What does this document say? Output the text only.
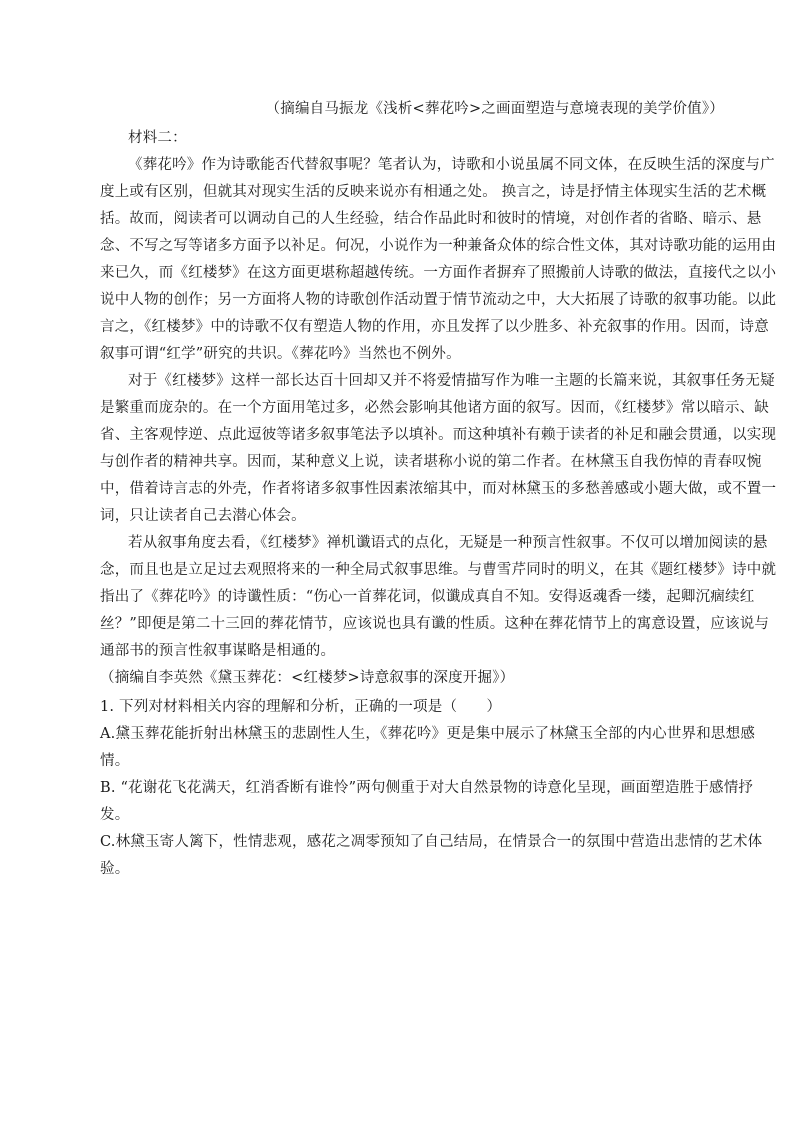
（摘编自马振龙《浅析<葬花吟>之画面塑造与意境表现的美学价值》）

材料二：

《葬花吟》作为诗歌能否代替叙事呢？笔者认为，诗歌和小说虽属不同文体，在反映生活的深度与广

度上或有区别，但就其对现实生活的反映来说亦有相通之处。 换言之，诗是抒情主体现实生活的艺术概

括。故而，阅读者可以调动自己的人生经验，结合作品此时和彼时的情境，对创作者的省略、暗示、悬

念、不写之写等诸多方面予以补足。何况，小说作为一种兼备众体的综合性文体，其对诗歌功能的运用由

来已久，而《红楼梦》在这方面更堪称超越传统。一方面作者摒弃了照搬前人诗歌的做法，直接代之以小

说中人物的创作；另一方面将人物的诗歌创作活动置于情节流动之中，大大拓展了诗歌的叙事功能。以此

言之，《红楼梦》中的诗歌不仅有塑造人物的作用，亦且发挥了以少胜多、补充叙事的作用。因而，诗意

叙事可谓“红学”研究的共识。《葬花吟》当然也不例外。

对于《红楼梦》这样一部长达百十回却又并不将爱情描写作为唯一主题的长篇来说，其叙事任务无疑

是繁重而庞杂的。在一个方面用笔过多，必然会影响其他诸方面的叙写。因而，《红楼梦》常以暗示、缺

省、主客观悖逆、点此逗彼等诸多叙事笔法予以填补。而这种填补有赖于读者的补足和融会贯通，以实现

与创作者的精神共享。因而，某种意义上说，读者堪称小说的第二作者。在林黛玉自我伤悼的青春叹惋

中，借着诗言志的外壳，作者将诸多叙事性因素浓缩其中，而对林黛玉的多愁善感或小题大做，或不置一

词，只让读者自己去潜心体会。

若从叙事角度去看，《红楼梦》禅机谶语式的点化，无疑是一种预言性叙事。不仅可以增加阅读的悬

念，而且也是立足过去观照将来的一种全局式叙事思维。与曹雪芹同时的明义，在其《题红楼梦》诗中就

指出了《葬花吟》的诗谶性质：“伤心一首葬花词，似谶成真自不知。安得返魂香一缕，起卿沉痼续红

丝？”即便是第二十三回的葬花情节，应该说也具有谶的性质。这种在葬花情节上的寓意设置，应该说与

通部书的预言性叙事谋略是相通的。

（摘编自李英然《黛玉葬花：<红楼梦>诗意叙事的深度开掘》）

1. 下列对材料相关内容的理解和分析，正确的一项是（　　）

A.黛玉葬花能折射出林黛玉的悲剧性人生，《葬花吟》更是集中展示了林黛玉全部的内心世界和思想感

情。

B. “花谢花飞花满天，红消香断有谁怜”两句侧重于对大自然景物的诗意化呈现，画面塑造胜于感情抒

发。

C.林黛玉寄人篱下，性情悲观，感花之凋零预知了自己结局，在情景合一的氛围中营造出悲情的艺术体

验。
